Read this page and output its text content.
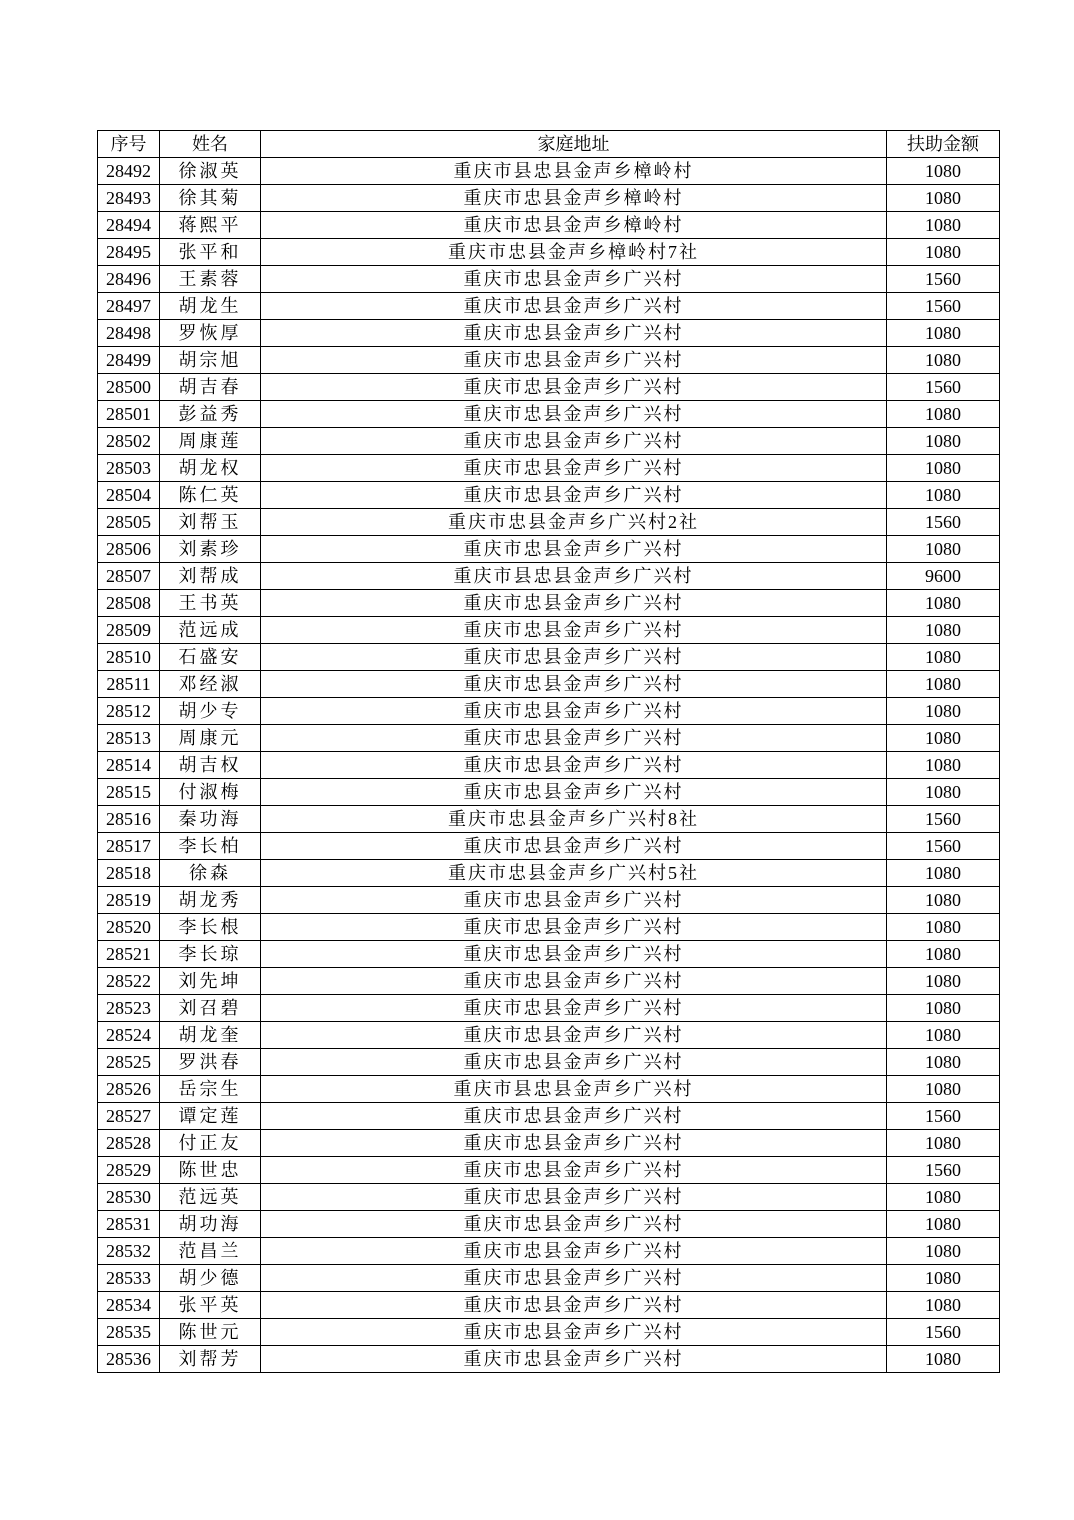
序号	姓名	家庭地址	扶助金额
28492	徐淑英	重庆市县忠县金声乡樟岭村	1080
28493	徐其菊	重庆市忠县金声乡樟岭村	1080
28494	蒋熙平	重庆市忠县金声乡樟岭村	1080
28495	张平和	重庆市忠县金声乡樟岭村7社	1080
28496	王素蓉	重庆市忠县金声乡广兴村	1560
28497	胡龙生	重庆市忠县金声乡广兴村	1560
28498	罗恢厚	重庆市忠县金声乡广兴村	1080
28499	胡宗旭	重庆市忠县金声乡广兴村	1080
28500	胡吉春	重庆市忠县金声乡广兴村	1560
28501	彭益秀	重庆市忠县金声乡广兴村	1080
28502	周康莲	重庆市忠县金声乡广兴村	1080
28503	胡龙权	重庆市忠县金声乡广兴村	1080
28504	陈仁英	重庆市忠县金声乡广兴村	1080
28505	刘帮玉	重庆市忠县金声乡广兴村2社	1560
28506	刘素珍	重庆市忠县金声乡广兴村	1080
28507	刘帮成	重庆市县忠县金声乡广兴村	9600
28508	王书英	重庆市忠县金声乡广兴村	1080
28509	范远成	重庆市忠县金声乡广兴村	1080
28510	石盛安	重庆市忠县金声乡广兴村	1080
28511	邓经淑	重庆市忠县金声乡广兴村	1080
28512	胡少专	重庆市忠县金声乡广兴村	1080
28513	周康元	重庆市忠县金声乡广兴村	1080
28514	胡吉权	重庆市忠县金声乡广兴村	1080
28515	付淑梅	重庆市忠县金声乡广兴村	1080
28516	秦功海	重庆市忠县金声乡广兴村8社	1560
28517	李长柏	重庆市忠县金声乡广兴村	1560
28518	徐森	重庆市忠县金声乡广兴村5社	1080
28519	胡龙秀	重庆市忠县金声乡广兴村	1080
28520	李长根	重庆市忠县金声乡广兴村	1080
28521	李长琼	重庆市忠县金声乡广兴村	1080
28522	刘先坤	重庆市忠县金声乡广兴村	1080
28523	刘召碧	重庆市忠县金声乡广兴村	1080
28524	胡龙奎	重庆市忠县金声乡广兴村	1080
28525	罗洪春	重庆市忠县金声乡广兴村	1080
28526	岳宗生	重庆市县忠县金声乡广兴村	1080
28527	谭定莲	重庆市忠县金声乡广兴村	1560
28528	付正友	重庆市忠县金声乡广兴村	1080
28529	陈世忠	重庆市忠县金声乡广兴村	1560
28530	范远英	重庆市忠县金声乡广兴村	1080
28531	胡功海	重庆市忠县金声乡广兴村	1080
28532	范昌兰	重庆市忠县金声乡广兴村	1080
28533	胡少德	重庆市忠县金声乡广兴村	1080
28534	张平英	重庆市忠县金声乡广兴村	1080
28535	陈世元	重庆市忠县金声乡广兴村	1560
28536	刘帮芳	重庆市忠县金声乡广兴村	1080
